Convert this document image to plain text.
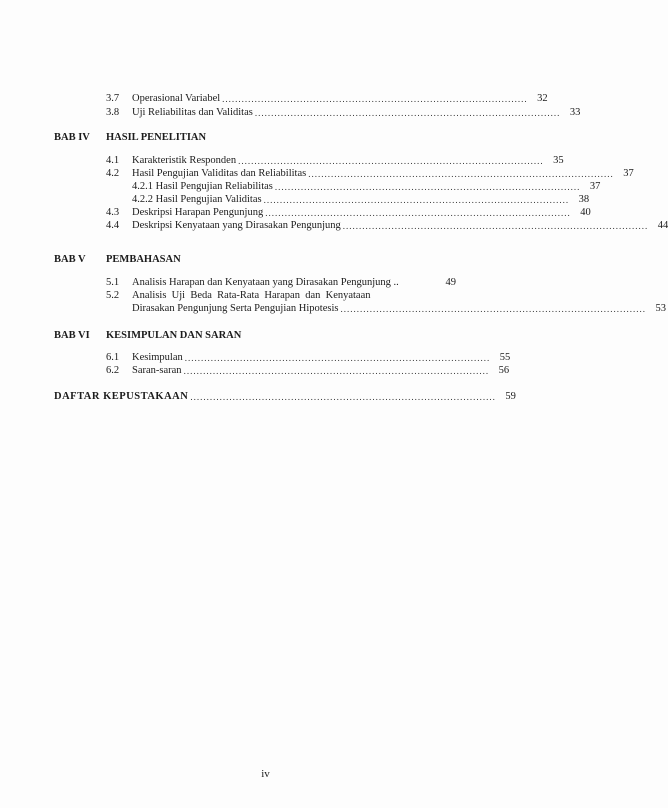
3.7	Operasional Variabel .............................................................................................. 32
3.8	Uji Reliabilitas dan Validitas .............................................................................................. 33
BAB IV HASIL PENELITIAN
4.1	Karakteristik Responden .............................................................................................. 35
4.2	Hasil Pengujian Validitas dan Reliabilitas .............................................................................................. 37
4.2.1 Hasil Pengujian Reliabilitas .............................................................................................. 37
4.2.2 Hasil Pengujian Validitas .............................................................................................. 38
4.3	Deskripsi Harapan Pengunjung .............................................................................................. 40
4.4	Deskripsi Kenyataan yang Dirasakan Pengunjung .............................................................................................. 44
BAB V PEMBAHASAN
5.1	Analisis Harapan dan Kenyataan yang Dirasakan Pengunjung ..	49
5.2 Analisis  Uji  Beda  Rata-Rata  Harapan  dan  Kenyataan
Dirasakan Pengunjung Serta Pengujian Hipotesis .............................................................................................. 53
BAB VI KESIMPULAN DAN SARAN
6.1	Kesimpulan .............................................................................................. 55
6.2	Saran-saran .............................................................................................. 56
DAFTAR KEPUSTAKAAN .............................................................................................. 59
iv
